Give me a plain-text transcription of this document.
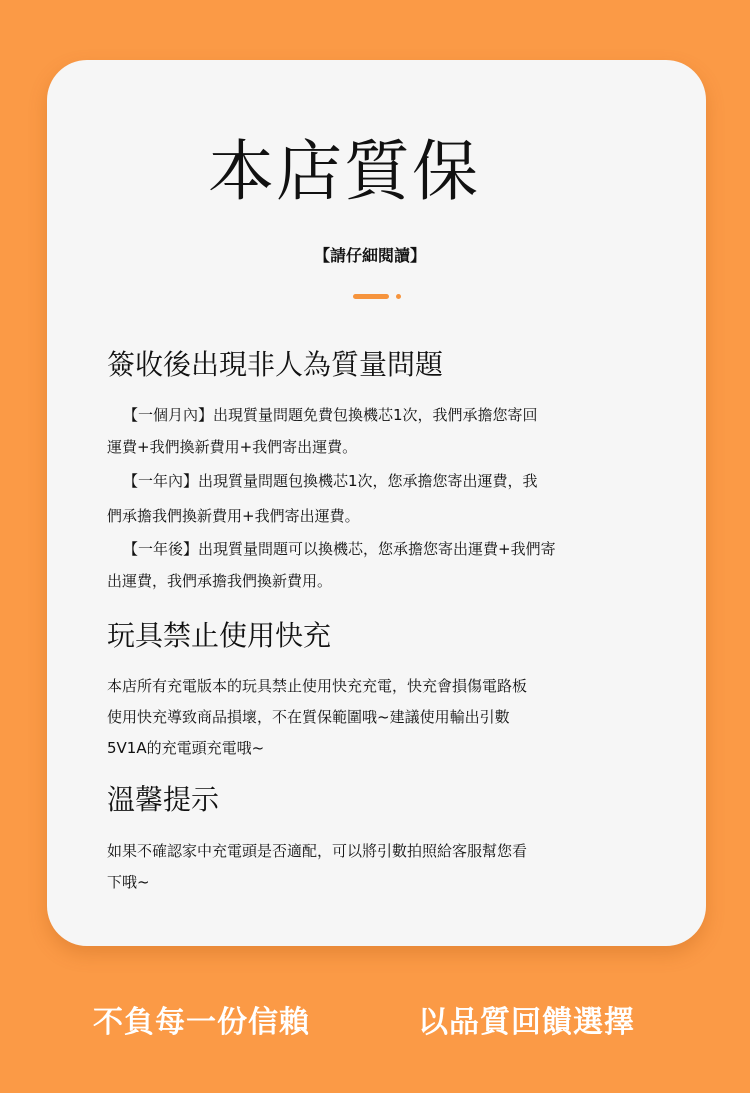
本店質保
【請仔細閱讀】
簽收後出現非人為質量問題
【一個月內】出現質量問題免費包換機芯1次，我們承擔您寄回
運費+我們換新費用+我們寄出運費。
【一年內】出現質量問題包換機芯1次，您承擔您寄出運費，我
們承擔我們換新費用+我們寄出運費。
【一年後】出現質量問題可以換機芯，您承擔您寄出運費+我們寄
出運費，我們承擔我們換新費用。
玩具禁止使用快充
本店所有充電版本的玩具禁止使用快充充電，快充會損傷電路板
使用快充導致商品損壞，不在質保範圍哦~建議使用輸出引數
5V1A的充電頭充電哦~
溫馨提示
如果不確認家中充電頭是否適配，可以將引數拍照給客服幫您看
下哦~
不負每一份信賴	以品質回饋選擇
